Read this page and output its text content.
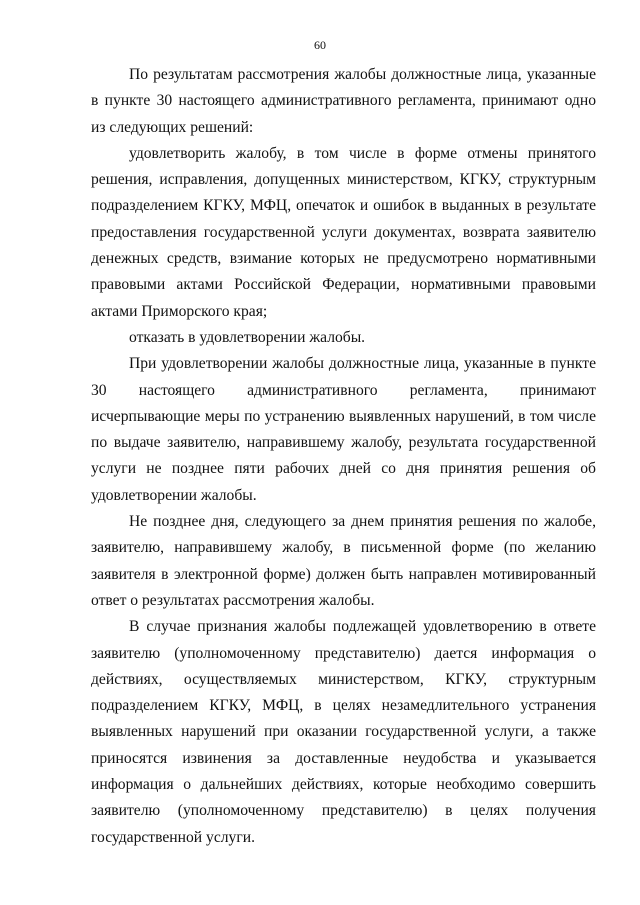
60

По результатам рассмотрения жалобы должностные лица, указанные в пункте 30 настоящего административного регламента, принимают одно из следующих решений:

удовлетворить жалобу, в том числе в форме отмены принятого решения, исправления, допущенных министерством, КГКУ, структурным подразделением КГКУ, МФЦ, опечаток и ошибок в выданных в результате предоставления государственной услуги документах, возврата заявителю денежных средств, взимание которых не предусмотрено нормативными правовыми актами Российской Федерации, нормативными правовыми актами Приморского края;

отказать в удовлетворении жалобы.

При удовлетворении жалобы должностные лица, указанные в пункте 30 настоящего административного регламента, принимают исчерпывающие меры по устранению выявленных нарушений, в том числе по выдаче заявителю, направившему жалобу, результата государственной услуги не позднее пяти рабочих дней со дня принятия решения об удовлетворении жалобы.

Не позднее дня, следующего за днем принятия решения по жалобе, заявителю, направившему жалобу, в письменной форме (по желанию заявителя в электронной форме) должен быть направлен мотивированный ответ о результатах рассмотрения жалобы.

В случае признания жалобы подлежащей удовлетворению в ответе заявителю (уполномоченному представителю) дается информация о действиях, осуществляемых министерством, КГКУ, структурным подразделением КГКУ, МФЦ, в целях незамедлительного устранения выявленных нарушений при оказании государственной услуги, а также приносятся извинения за доставленные неудобства и указывается информация о дальнейших действиях, которые необходимо совершить заявителю (уполномоченному представителю) в целях получения государственной услуги.
